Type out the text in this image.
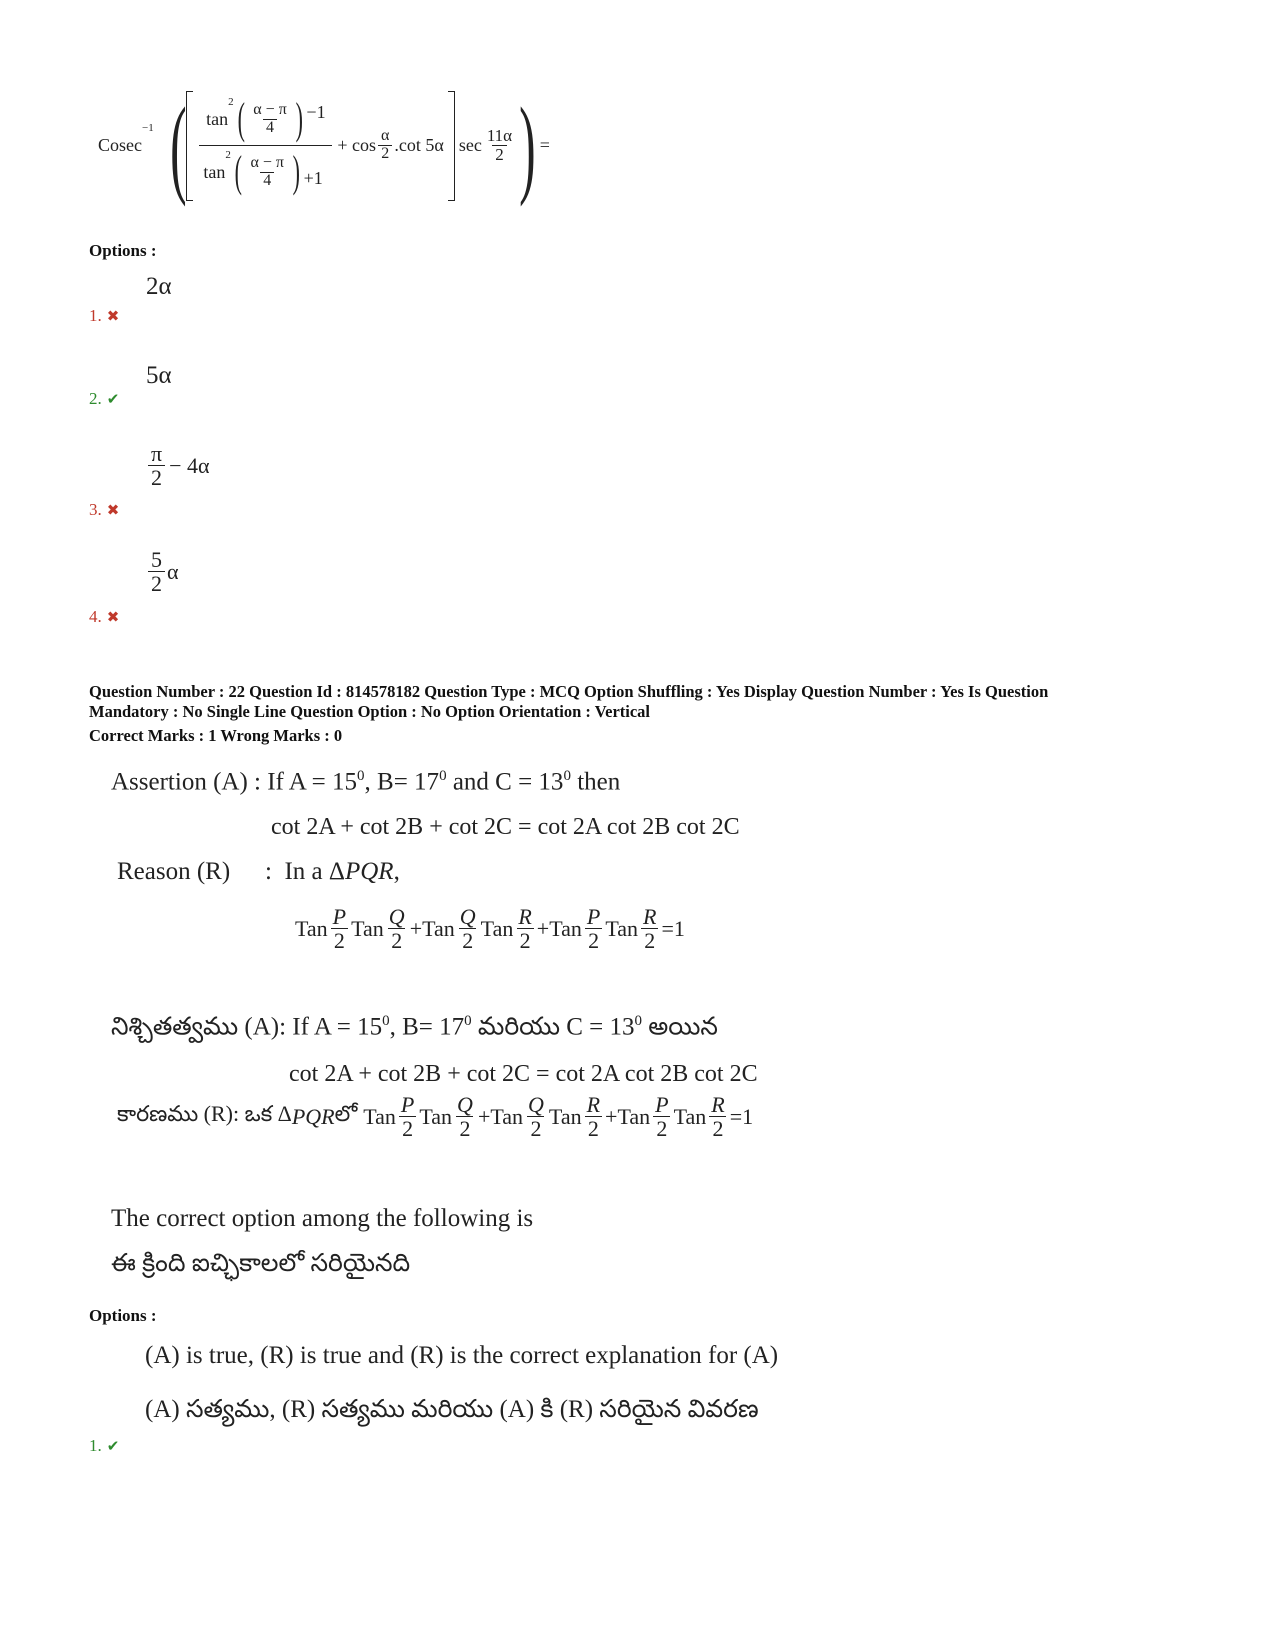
Cosec
−1 ( tan
2 ( $\frac{\alpha - \pi}{4}$ ) −1
tan
2 ( $\frac{\alpha - \pi}{4}$ ) $+1 + \cos \frac{\alpha}{2} .\cot$ 5α $\sec \frac{11\alpha}{2}$ ) =
Options :
2α
1. ✖
5α
2. ✔
$\frac{\pi}{2} - 4\alpha$
3. ✖
$\frac{5}{2}$ α
4. ✖
Question Number : 22 Question Id : 814578182 Question Type : MCQ Option Shuffling : Yes Display Question Number : Yes Is Question
Mandatory : No Single Line Question Option : No Option Orientation : Vertical
Correct Marks : 1 Wrong Marks : 0
Assertion (A) : If $A = 15^0$, $B= 17^0$ and $C = 13^0$ then
cot 2A + cot 2B + cot 2C = cot 2A cot 2B cot 2C
Reason (R) : In a ΔPQR,
Tan $\frac{P}{2}$ Tan $\frac{Q}{2}$ + Tan $\frac{Q}{2}$ Tan $\frac{R}{2}$ + Tan $\frac{P}{2}$ Tan $\frac{R}{2} =1$
నిశ్చితత్వము (A): If $A = 15^0$, $B= 17^0$ మరియు $C = 13^0$ అయిన
cot 2A + cot 2B + cot 2C = cot 2A cot 2B cot 2C
కారణము (R): ఒక Δ PQR లో Tan $\frac{P}{2}$ Tan $\frac{Q}{2}$ + Tan $\frac{Q}{2}$ Tan $\frac{R}{2}$ + Tan $\frac{P}{2}$ Tan $\frac{R}{2} =1$
The correct option among the following is
ఈ క్రింది ఐచ్ఛికాలలో సరియైనది
Options :
(A) is true, (R) is true and (R) is the correct explanation for (A)
(A) సత్యము, (R) సత్యము మరియు (A) కి (R) సరియైన వివరణ
1. ✔
